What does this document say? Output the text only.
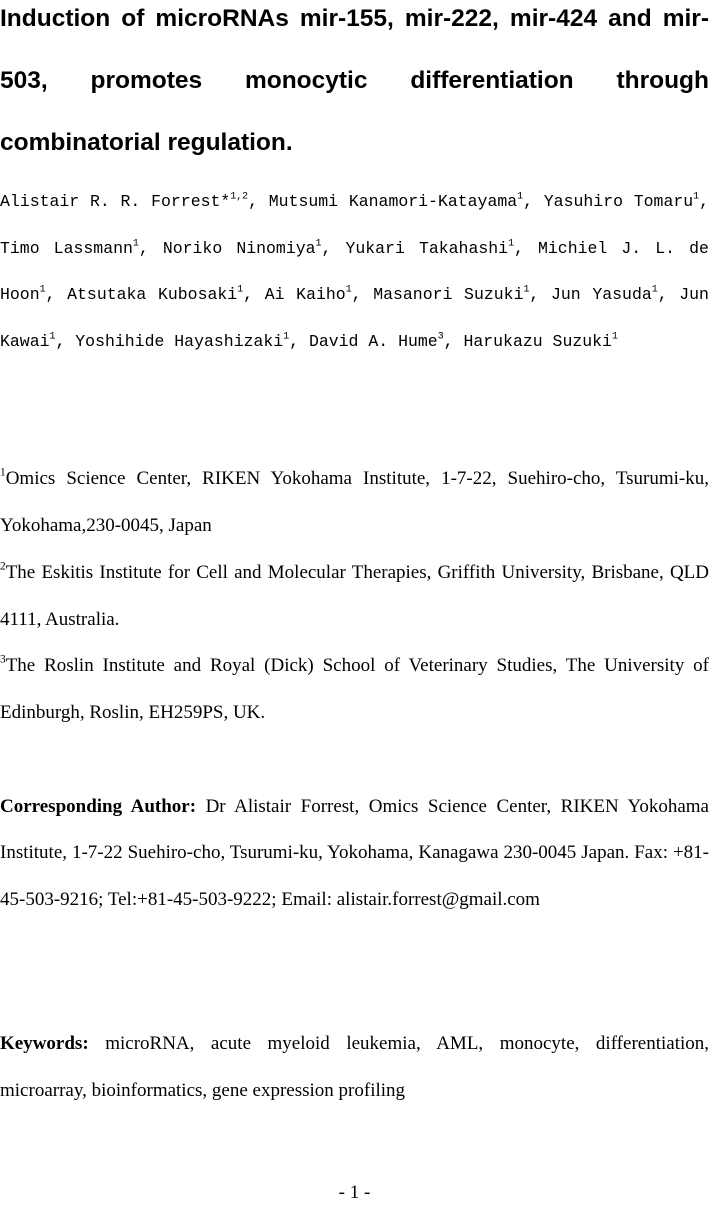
Induction of microRNAs mir-155, mir-222, mir-424 and mir-503, promotes monocytic differentiation through combinatorial regulation.
Alistair R. R. Forrest*$^{1,2}$, Mutsumi Kanamori-Katayama$^1$, Yasuhiro Tomaru$^1$, Timo Lassmann$^1$, Noriko Ninomiya$^1$, Yukari Takahashi$^1$, Michiel J. L. de Hoon$^1$, Atsutaka Kubosaki$^1$, Ai Kaiho$^1$, Masanori Suzuki$^1$, Jun Yasuda$^1$, Jun Kawai$^1$, Yoshihide Hayashizaki$^1$, David A. Hume$^3$, Harukazu Suzuki$^1$
$^1$Omics Science Center, RIKEN Yokohama Institute, 1-7-22, Suehiro-cho, Tsurumi-ku, Yokohama,230-0045, Japan
$^2$The Eskitis Institute for Cell and Molecular Therapies, Griffith University, Brisbane, QLD 4111, Australia.
$^3$The Roslin Institute and Royal (Dick) School of Veterinary Studies, The University of Edinburgh, Roslin, EH259PS, UK.
Corresponding Author: Dr Alistair Forrest, Omics Science Center, RIKEN Yokohama Institute, 1-7-22 Suehiro-cho, Tsurumi-ku, Yokohama, Kanagawa 230-0045 Japan. Fax: +81-45-503-9216; Tel:+81-45-503-9222; Email: alistair.forrest@gmail.com
Keywords: microRNA, acute myeloid leukemia, AML, monocyte, differentiation, microarray, bioinformatics, gene expression profiling
- 1 -
